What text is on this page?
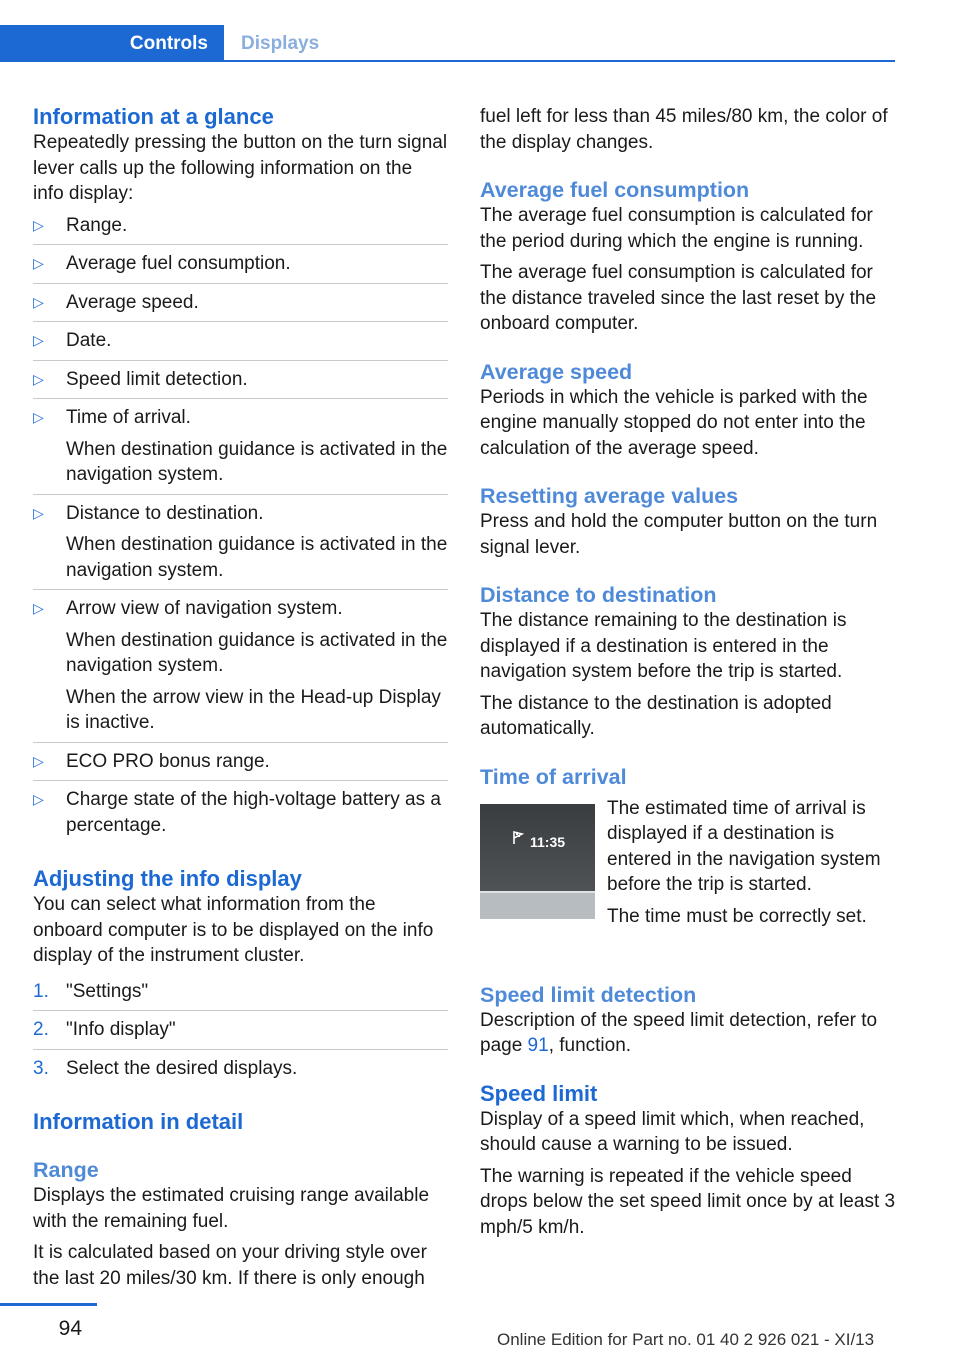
Controls	Displays
Information at a glance

Repeatedly pressing the button on the turn signal lever calls up the following information on the info display:

▷ Range.
▷ Average fuel consumption.
▷ Average speed.
▷ Date.
▷ Speed limit detection.
▷ Time of arrival.
When destination guidance is activated in the navigation system.
▷ Distance to destination.
When destination guidance is activated in the navigation system.
▷ Arrow view of navigation system.
When destination guidance is activated in the navigation system.
When the arrow view in the Head-up Display is inactive.
▷ ECO PRO bonus range.
▷ Charge state of the high-voltage battery as a percentage.
Adjusting the info display

You can select what information from the onboard computer is to be displayed on the info display of the instrument cluster.

1. "Settings"
2. "Info display"
3. Select the desired displays.
Information in detail
Range

Displays the estimated cruising range available with the remaining fuel.

It is calculated based on your driving style over the last 20 miles/30 km. If there is only enough

fuel left for less than 45 miles/80 km, the color of the display changes.

Average fuel consumption

The average fuel consumption is calculated for the period during which the engine is running.

The average fuel consumption is calculated for the distance traveled since the last reset by the onboard computer.

Average speed

Periods in which the vehicle is parked with the engine manually stopped do not enter into the calculation of the average speed.

Resetting average values

Press and hold the computer button on the turn signal lever.

Distance to destination

The distance remaining to the destination is displayed if a destination is entered in the navigation system before the trip is started.

The distance to the destination is adopted automatically.

Time of arrival
11:35

The estimated time of arrival is displayed if a destination is entered in the navigation system before the trip is started.

The time must be correctly set.

Speed limit detection

Description of the speed limit detection, refer to page 91, function.

Speed limit

Display of a speed limit which, when reached, should cause a warning to be issued.

The warning is repeated if the vehicle speed drops below the set speed limit once by at least 3 mph/5 km/h.

94	Online Edition for Part no. 01 40 2 926 021 - XI/13
